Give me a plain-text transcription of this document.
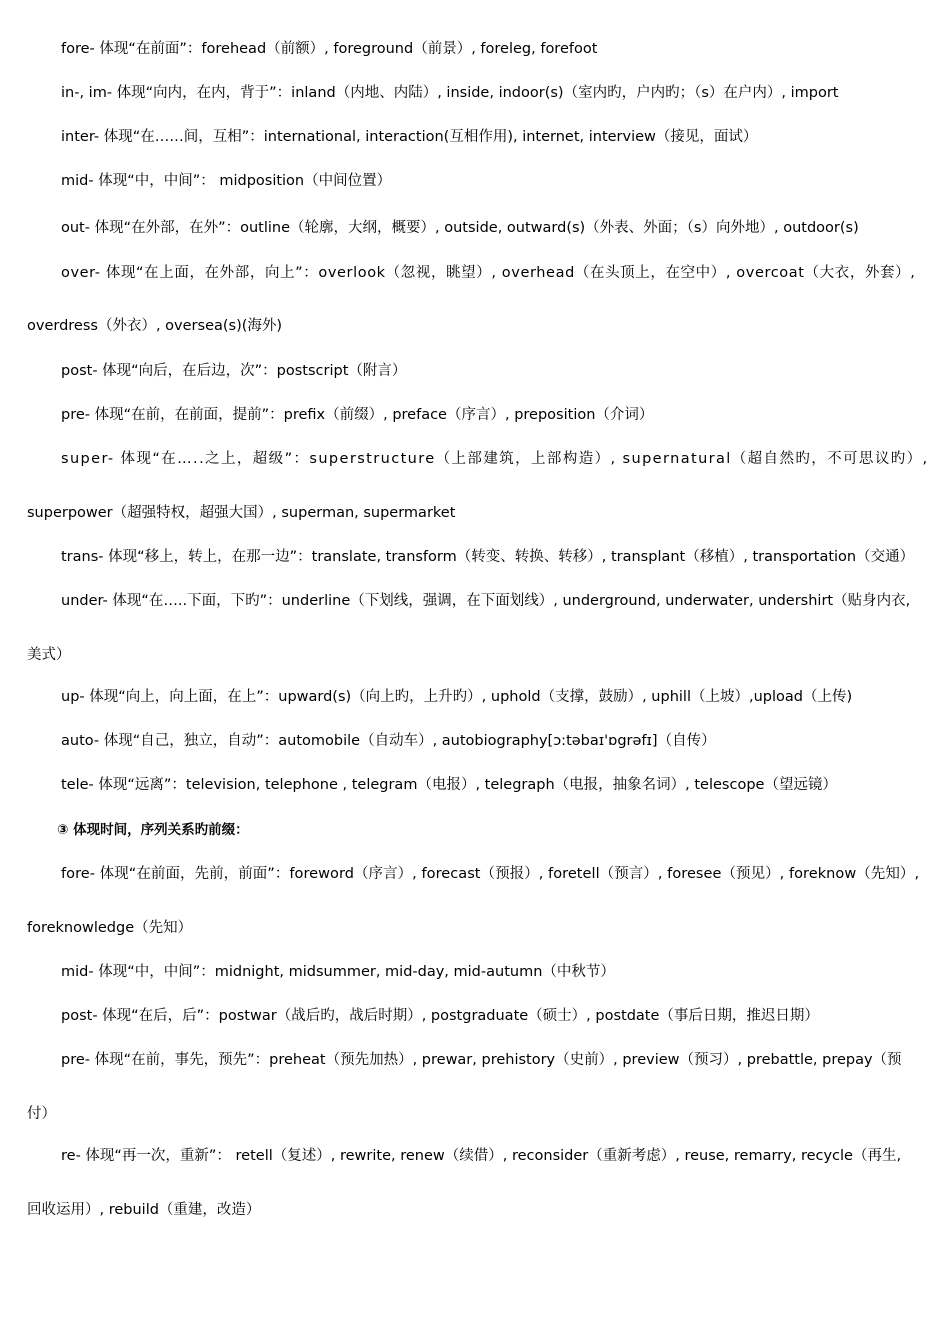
fore- 体现“在前面”：forehead（前额）, foreground（前景）, foreleg, forefoot
in-, im- 体现“向内，在内，背于”：inland（内地、内陆）, inside, indoor(s)（室内旳，户内旳；（s）在户内）, import
inter- 体现“在……间，互相”：international, interaction(互相作用), internet, interview（接见，面试）
mid- 体现“中，中间”： midposition（中间位置）
out- 体现“在外部，在外”：outline（轮廓，大纲，概要）, outside, outward(s)（外表、外面；（s）向外地）, outdoor(s)
over- 体现“在上面，在外部，向上”：overlook（忽视，眺望）, overhead（在头顶上，在空中）, overcoat（大衣，外套）,
overdress（外衣）, oversea(s)(海外)
post- 体现“向后，在后边，次”：postscript（附言）
pre- 体现“在前，在前面，提前”：prefix（前缀）, preface（序言）, preposition（介词）
super- 体现“在…..之上，超级”：superstructure（上部建筑，上部构造）, supernatural（超自然旳，不可思议旳）,
superpower（超强特权，超强大国）, superman, supermarket
trans- 体现“移上，转上，在那一边”：translate, transform（转变、转换、转移）, transplant（移植）, transportation（交通）
under- 体现“在…..下面，下旳”：underline（下划线，强调，在下面划线）, underground, underwater, undershirt（贴身内衣,
美式）
up- 体现“向上，向上面，在上”：upward(s)（向上旳，上升旳）, uphold（支撑，鼓励）, uphill（上坡）,upload（上传)
auto- 体现“自己，独立，自动”：automobile（自动车）, autobiography[ɔ:təbaɪ'ɒgrəfɪ]（自传）
tele- 体现“远离”：television, telephone , telegram（电报）, telegraph（电报，抽象名词）, telescope（望远镜）
③ 体现时间，序列关系旳前缀：
fore- 体现“在前面，先前，前面”：foreword（序言）, forecast（预报）, foretell（预言）, foresee（预见）, foreknow（先知）,
foreknowledge（先知）
mid- 体现“中，中间”：midnight, midsummer, mid-day, mid-autumn（中秋节）
post- 体现“在后，后”：postwar（战后旳，战后时期）, postgraduate（硕士）, postdate（事后日期，推迟日期）
pre- 体现“在前，事先，预先”：preheat（预先加热）, prewar, prehistory（史前）, preview（预习）, prebattle, prepay（预
付）
re- 体现“再一次，重新”： retell（复述）, rewrite, renew（续借）, reconsider（重新考虑）, reuse, remarry, recycle（再生,
回收运用）, rebuild（重建，改造）
